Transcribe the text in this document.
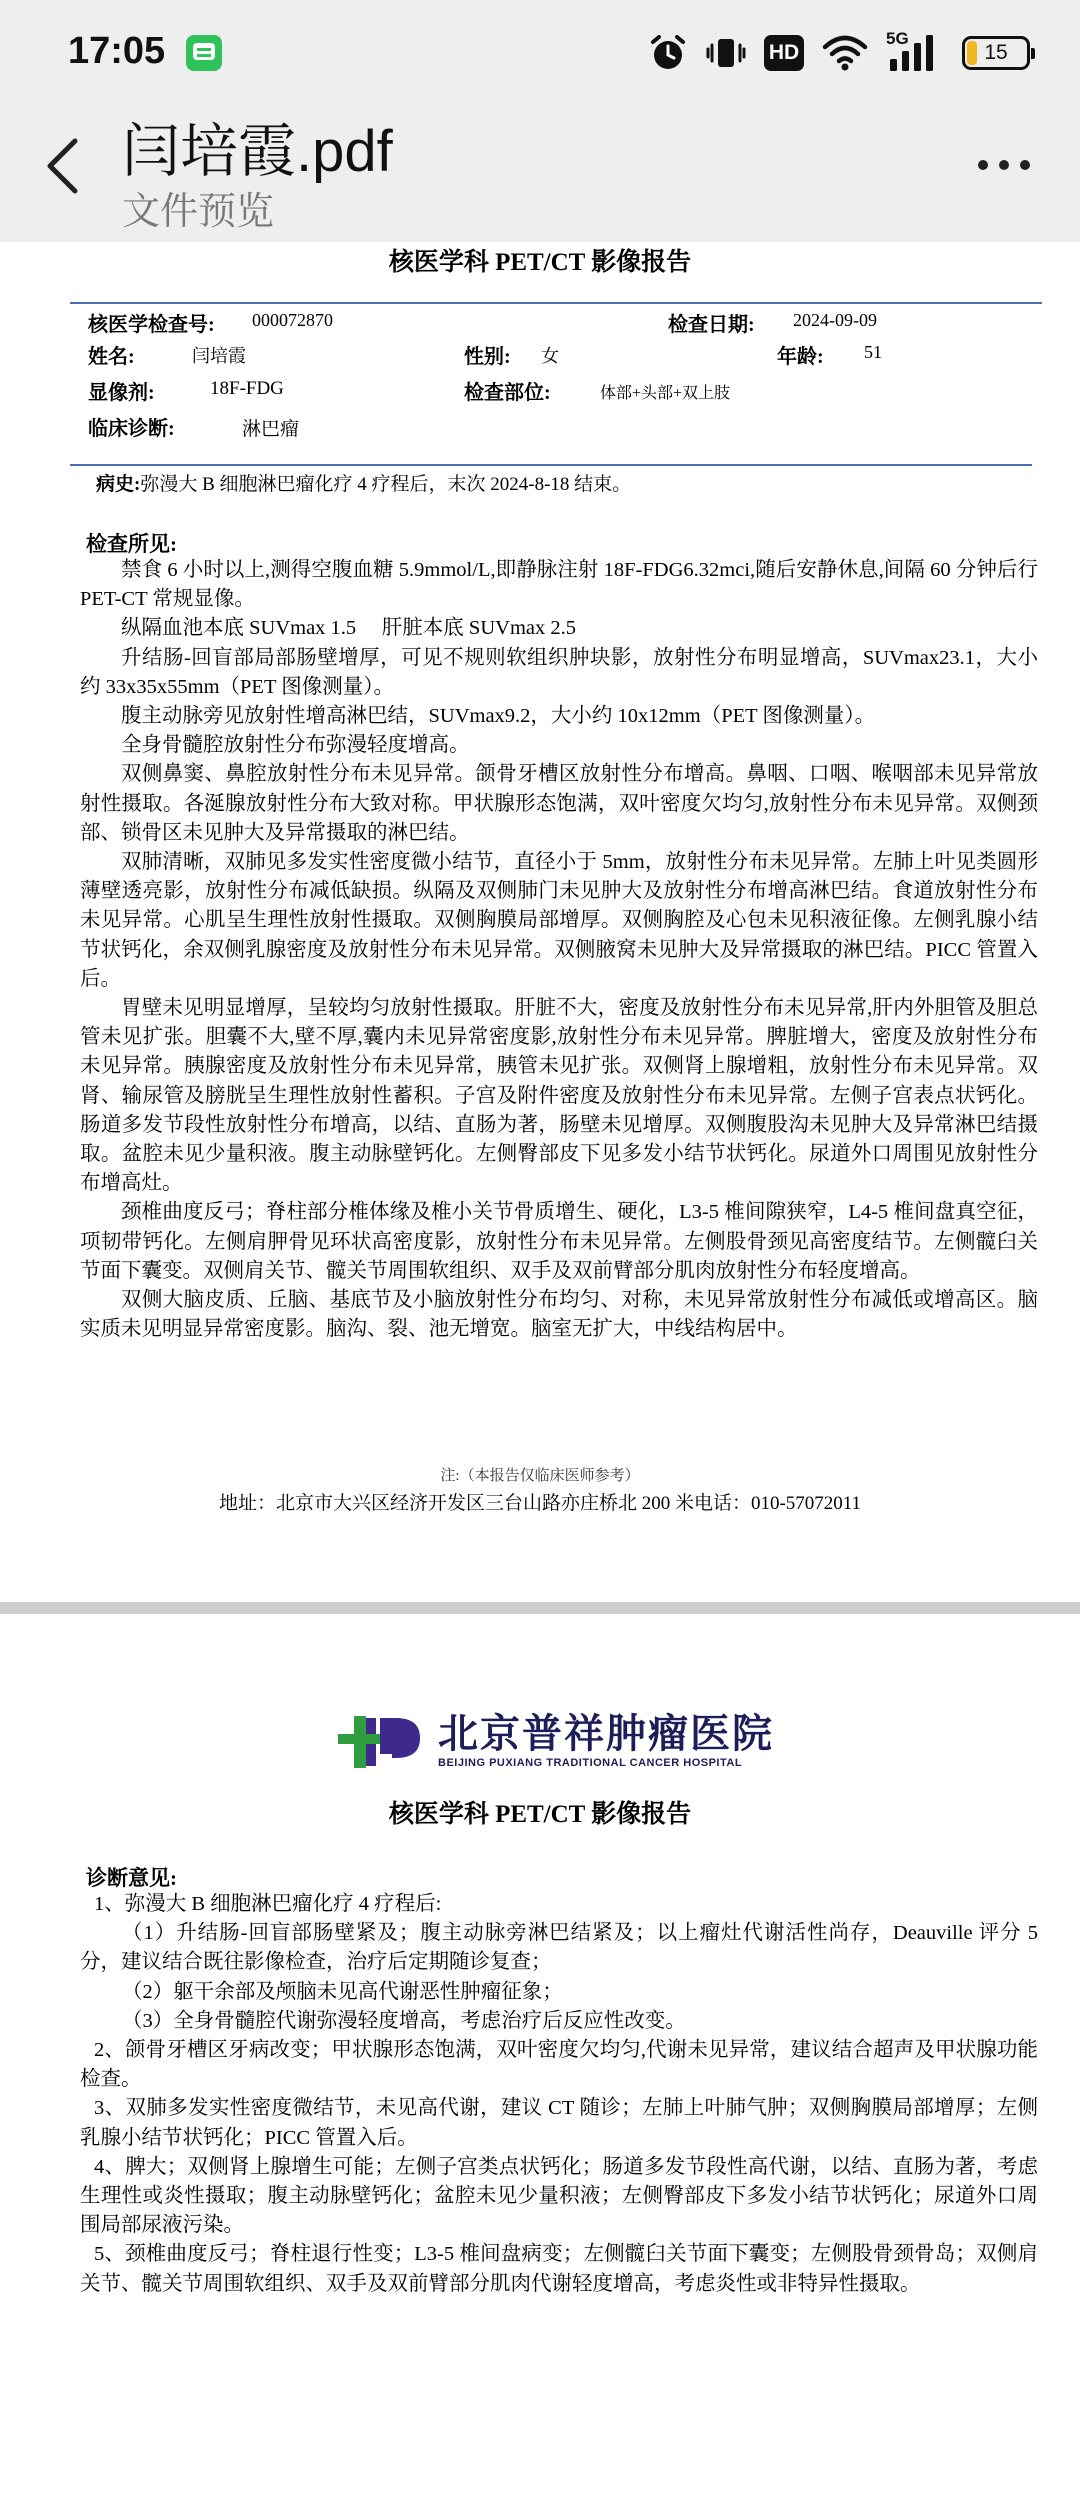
17:05	HD
5G
15
闫培霞.pdf
文件预览
核医学科 PET/CT 影像报告
核医学检查号: 000072870	检查日期: 2024-09-09
姓名:	闫培霞	性别: 女	年龄: 51
显像剂:	18F-FDG	检查部位:	体部+头部+双上肢
临床诊断:	淋巴瘤
病史:弥漫大 B 细胞淋巴瘤化疗 4 疗程后，末次 2024-8-18 结束。
检查所见:

禁食 6 小时以上,测得空腹血糖 5.9mmol/L,即静脉注射 18F-FDG6.32mci,随后安静休息,间隔 60 分钟后行 PET-CT 常规显像。

纵隔血池本底 SUVmax 1.5　 肝脏本底 SUVmax 2.5

升结肠-回盲部局部肠壁增厚，可见不规则软组织肿块影，放射性分布明显增高，SUVmax23.1，大小约 33x35x55mm（PET 图像测量）。

腹主动脉旁见放射性增高淋巴结，SUVmax9.2，大小约 10x12mm（PET 图像测量）。

全身骨髓腔放射性分布弥漫轻度增高。

双侧鼻窦、鼻腔放射性分布未见异常。颌骨牙槽区放射性分布增高。鼻咽、口咽、喉咽部未见异常放射性摄取。各涎腺放射性分布大致对称。甲状腺形态饱满，双叶密度欠均匀,放射性分布未见异常。双侧颈部、锁骨区未见肿大及异常摄取的淋巴结。

双肺清晰，双肺见多发实性密度微小结节，直径小于 5mm，放射性分布未见异常。左肺上叶见类圆形薄壁透亮影，放射性分布减低缺损。纵隔及双侧肺门未见肿大及放射性分布增高淋巴结。食道放射性分布未见异常。心肌呈生理性放射性摄取。双侧胸膜局部增厚。双侧胸腔及心包未见积液征像。左侧乳腺小结节状钙化，余双侧乳腺密度及放射性分布未见异常。双侧腋窝未见肿大及异常摄取的淋巴结。PICC 管置入后。

胃壁未见明显增厚，呈较均匀放射性摄取。肝脏不大，密度及放射性分布未见异常,肝内外胆管及胆总管未见扩张。胆囊不大,壁不厚,囊内未见异常密度影,放射性分布未见异常。脾脏增大，密度及放射性分布未见异常。胰腺密度及放射性分布未见异常，胰管未见扩张。双侧肾上腺增粗，放射性分布未见异常。双肾、输尿管及膀胱呈生理性放射性蓄积。子宫及附件密度及放射性分布未见异常。左侧子宫表点状钙化。肠道多发节段性放射性分布增高，以结、直肠为著，肠壁未见增厚。双侧腹股沟未见肿大及异常淋巴结摄取。盆腔未见少量积液。腹主动脉壁钙化。左侧臀部皮下见多发小结节状钙化。尿道外口周围见放射性分布增高灶。

颈椎曲度反弓；脊柱部分椎体缘及椎小关节骨质增生、硬化，L3-5 椎间隙狭窄，L4-5 椎间盘真空征，项韧带钙化。左侧肩胛骨见环状高密度影，放射性分布未见异常。左侧股骨颈见高密度结节。左侧髋臼关节面下囊变。双侧肩关节、髋关节周围软组织、双手及双前臂部分肌肉放射性分布轻度增高。

双侧大脑皮质、丘脑、基底节及小脑放射性分布均匀、对称，未见异常放射性分布减低或增高区。脑实质未见明显异常密度影。脑沟、裂、池无增宽。脑室无扩大，中线结构居中。

注:（本报告仅临床医师参考）
地址：北京市大兴区经济开发区三台山路亦庄桥北 200 米电话：010-57072011
北京普祥肿瘤医院
BEIJING PUXIANG TRADITIONAL CANCER HOSPITAL
核医学科 PET/CT 影像报告
诊断意见:

1、弥漫大 B 细胞淋巴瘤化疗 4 疗程后:

（1）升结肠-回盲部肠壁紧及；腹主动脉旁淋巴结紧及；以上瘤灶代谢活性尚存，Deauville 评分 5 分，建议结合既往影像检查，治疗后定期随诊复查；

（2）躯干余部及颅脑未见高代谢恶性肿瘤征象；

（3）全身骨髓腔代谢弥漫轻度增高，考虑治疗后反应性改变。

2、颌骨牙槽区牙病改变；甲状腺形态饱满，双叶密度欠均匀,代谢未见异常，建议结合超声及甲状腺功能检查。

3、双肺多发实性密度微结节，未见高代谢，建议 CT 随诊；左肺上叶肺气肿；双侧胸膜局部增厚；左侧乳腺小结节状钙化；PICC 管置入后。

4、脾大；双侧肾上腺增生可能；左侧子宫类点状钙化；肠道多发节段性高代谢，以结、直肠为著，考虑生理性或炎性摄取；腹主动脉壁钙化；盆腔未见少量积液；左侧臀部皮下多发小结节状钙化；尿道外口周围局部尿液污染。

5、颈椎曲度反弓；脊柱退行性变；L3-5 椎间盘病变；左侧髋臼关节面下囊变；左侧股骨颈骨岛；双侧肩关节、髋关节周围软组织、双手及双前臂部分肌肉代谢轻度增高，考虑炎性或非特异性摄取。
